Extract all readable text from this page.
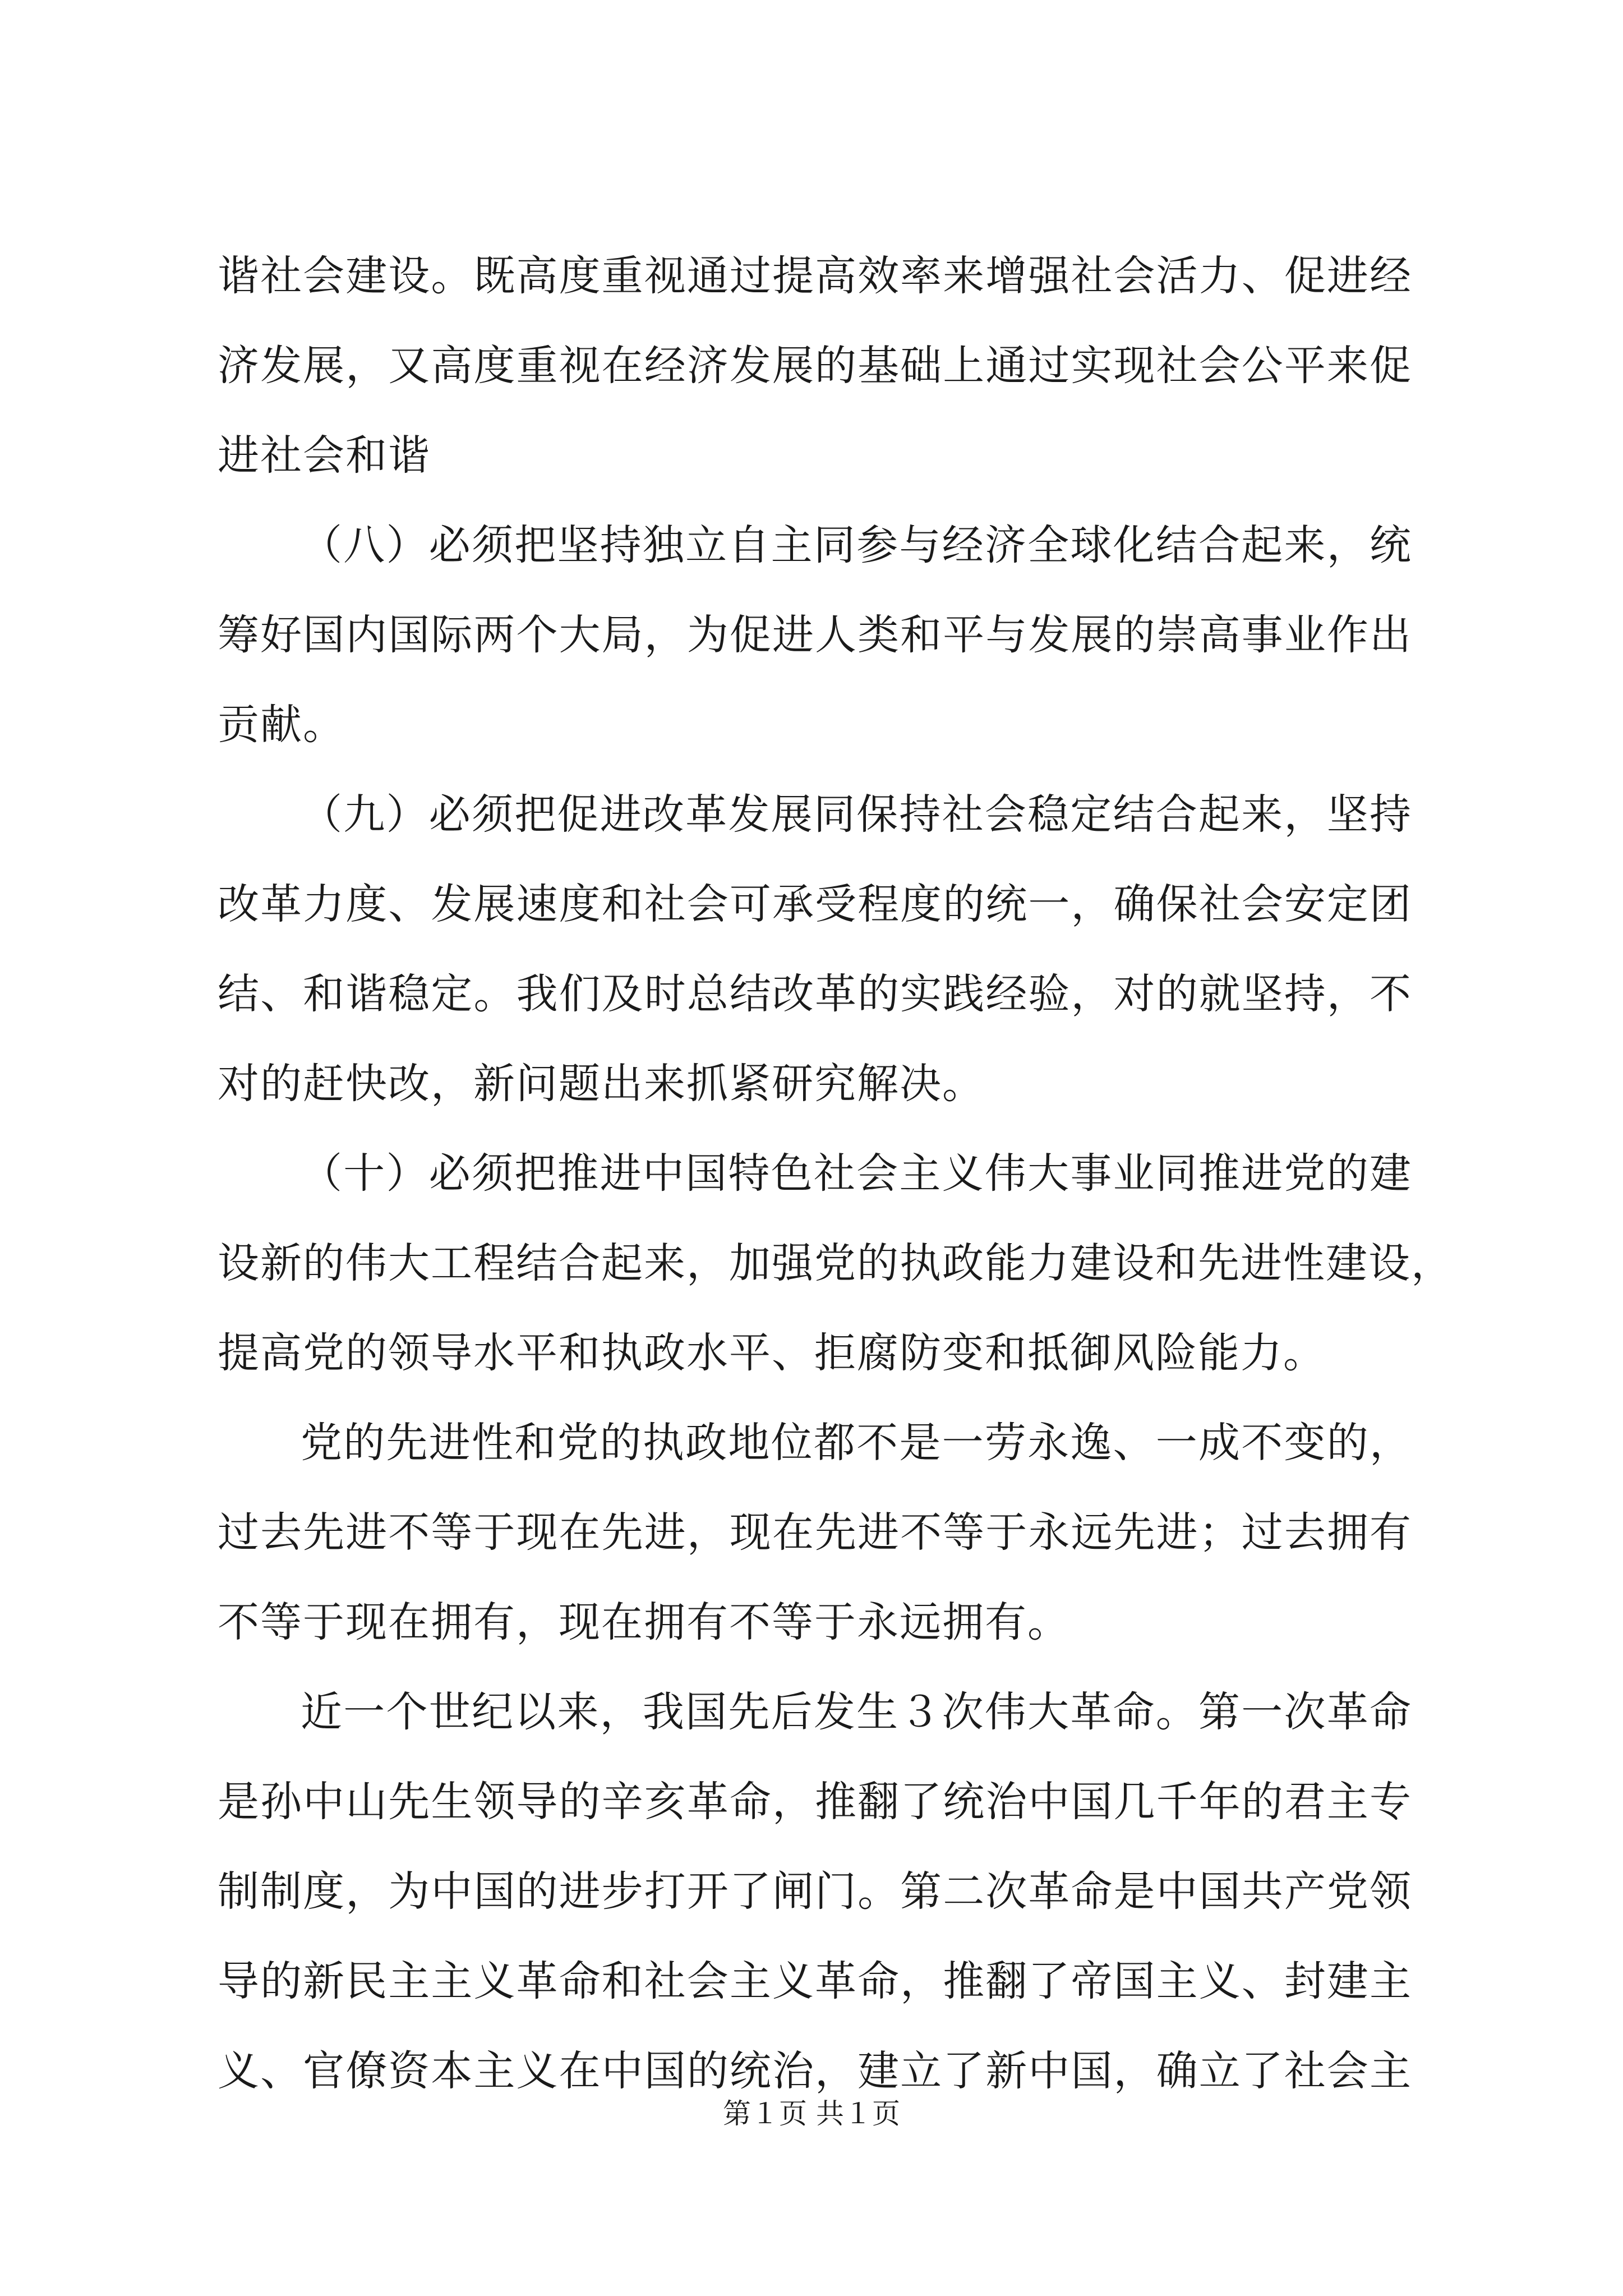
谐社会建设。既高度重视通过提高效率来增强社会活力、促进经
济发展，又高度重视在经济发展的基础上通过实现社会公平来促
进社会和谐
（八）必须把坚持独立自主同参与经济全球化结合起来，统
筹好国内国际两个大局，为促进人类和平与发展的崇高事业作出
贡献。
（九）必须把促进改革发展同保持社会稳定结合起来，坚持
改革力度、发展速度和社会可承受程度的统一，确保社会安定团
结、和谐稳定。我们及时总结改革的实践经验，对的就坚持，不
对的赶快改，新问题出来抓紧研究解决。
（十）必须把推进中国特色社会主义伟大事业同推进党的建
设新的伟大工程结合起来，加强党的执政能力建设和先进性建设，
提高党的领导水平和执政水平、拒腐防变和抵御风险能力。
党的先进性和党的执政地位都不是一劳永逸、一成不变的，
过去先进不等于现在先进，现在先进不等于永远先进；过去拥有
不等于现在拥有，现在拥有不等于永远拥有。
近一个世纪以来，我国先后发生３次伟大革命。第一次革命
是孙中山先生领导的辛亥革命，推翻了统治中国几千年的君主专
制制度，为中国的进步打开了闸门。第二次革命是中国共产党领
导的新民主主义革命和社会主义革命，推翻了帝国主义、封建主
义、官僚资本主义在中国的统治，建立了新中国，确立了社会主
第１页 共１页
